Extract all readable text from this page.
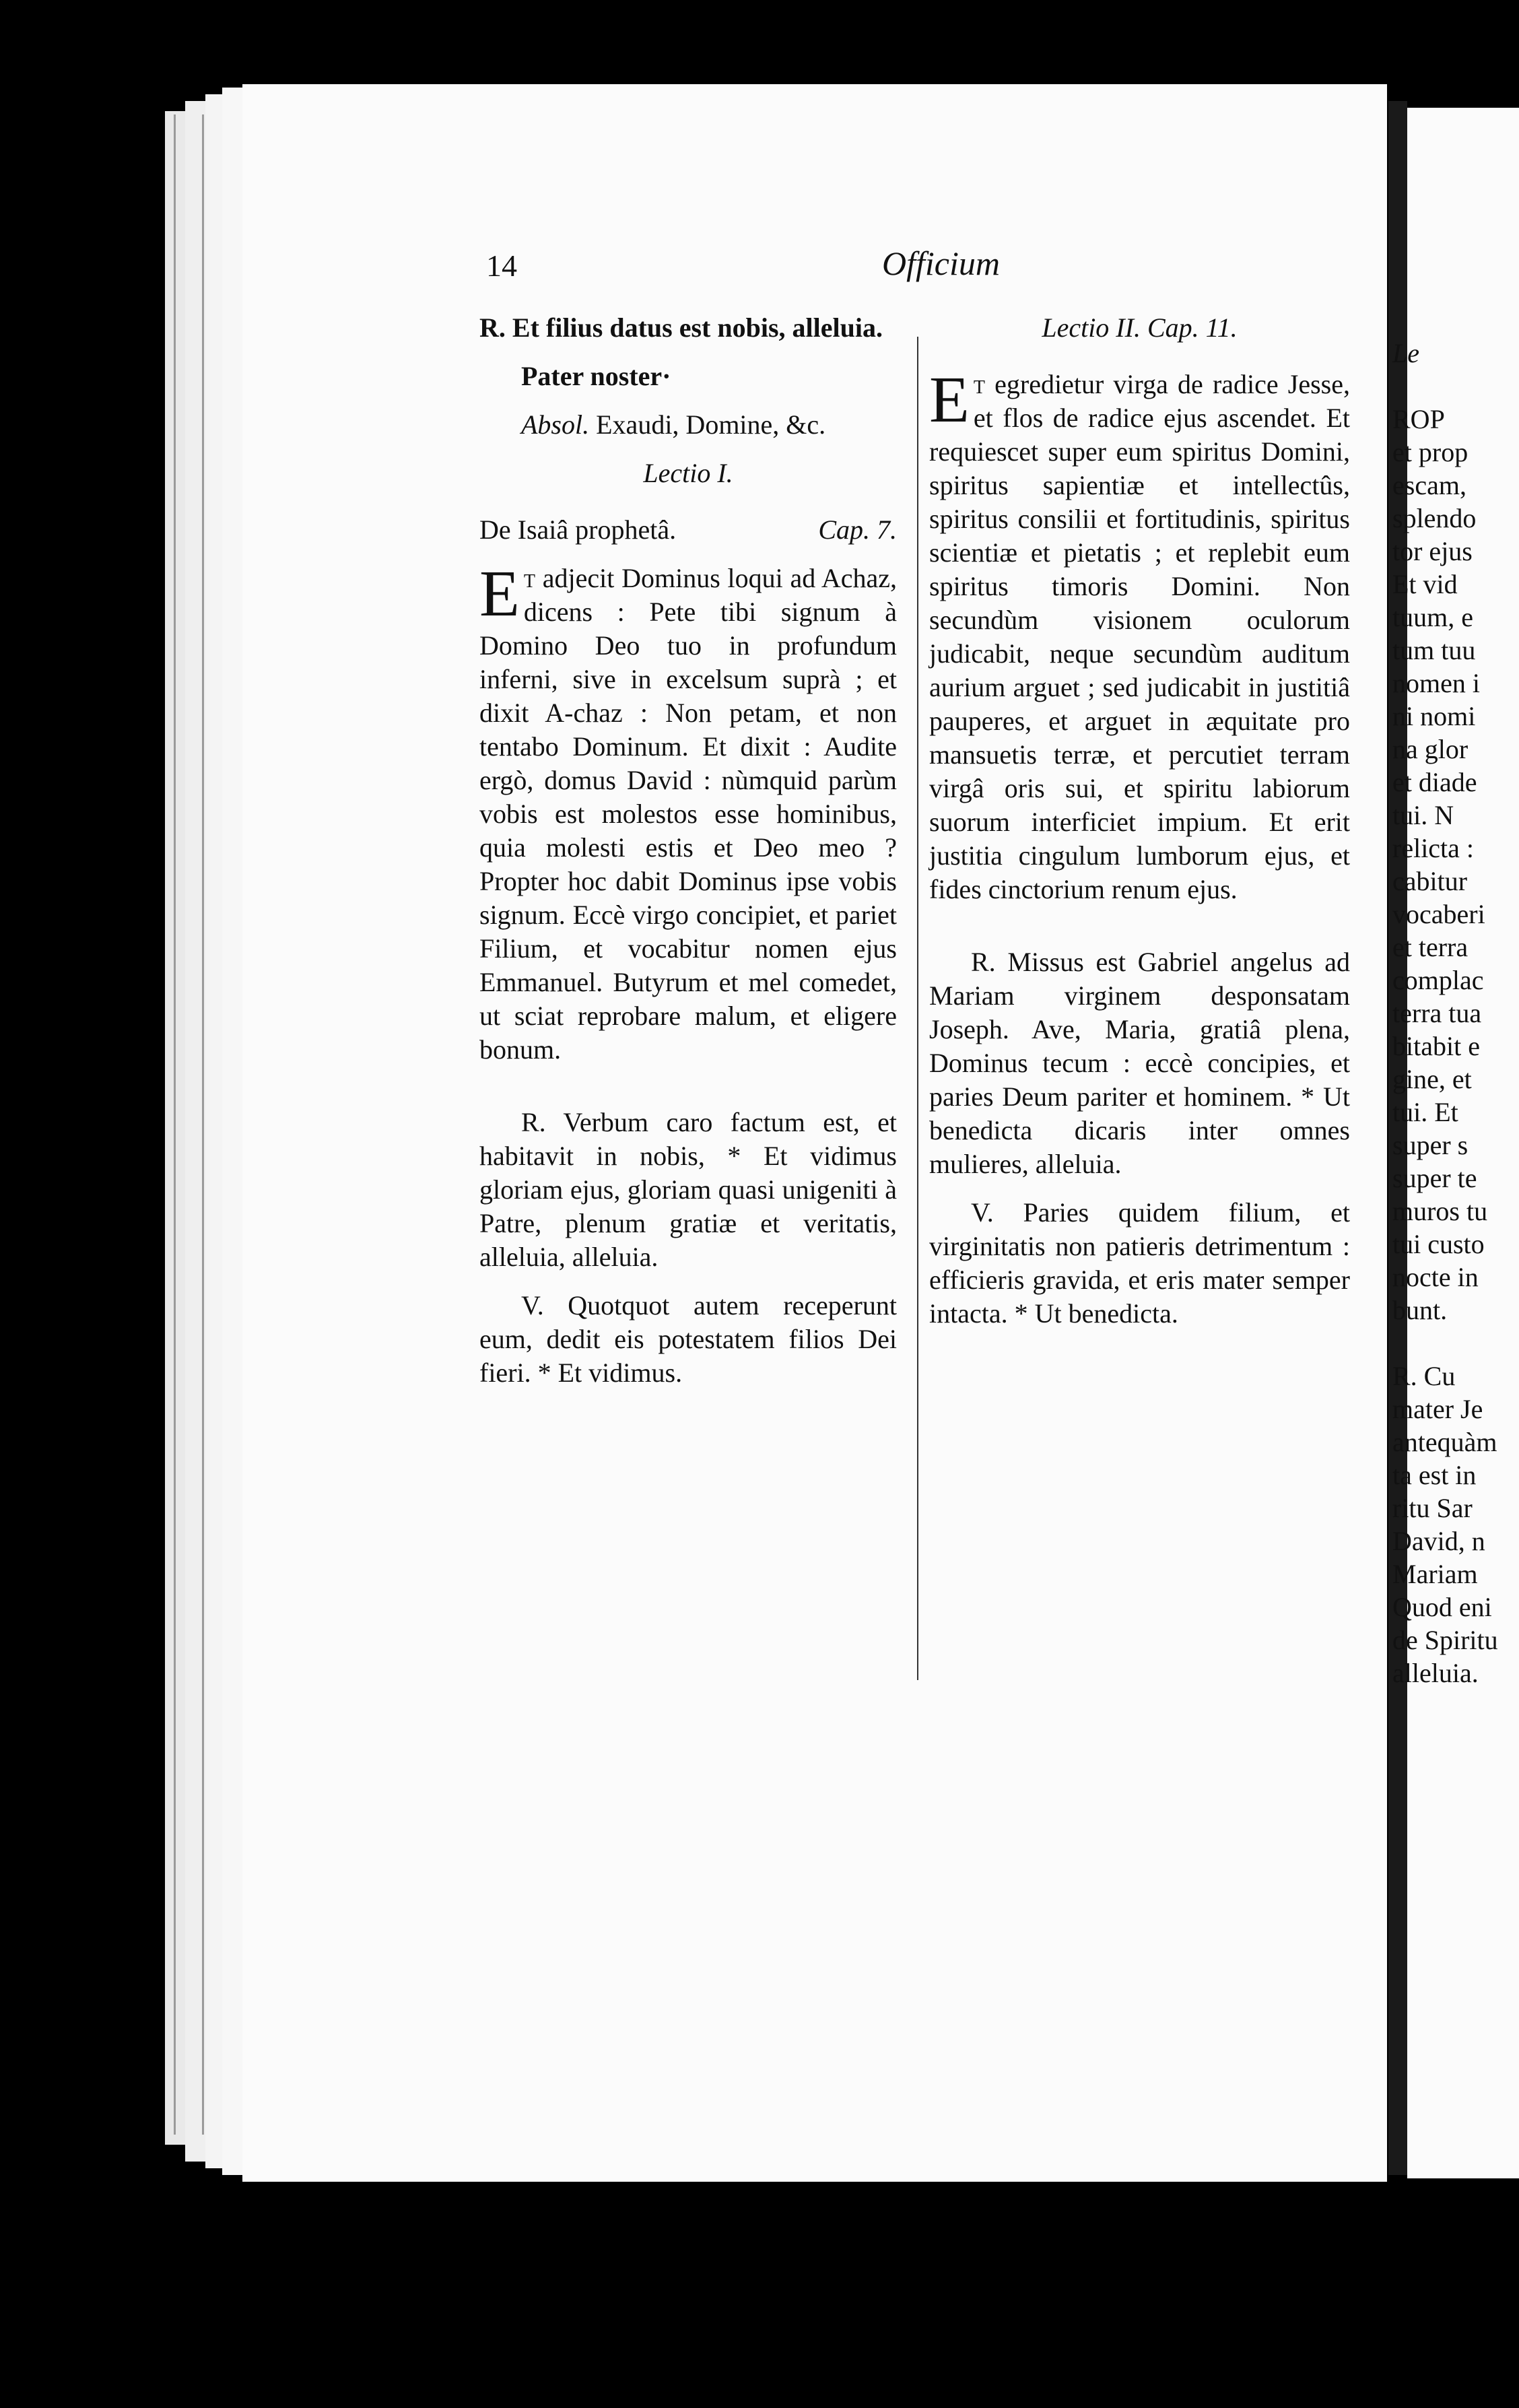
14	Officium

R. Et filius datus est nobis, alleluia.

Pater noster·

Absol. Exaudi, Domine, &c.

Lectio I.

De Isaiâ prophetâ.	Cap. 7.

Et adjecit Dominus loqui ad Achaz, dicens : Pete tibi signum à Domino Deo tuo in profundum inferni, sive in excelsum suprà ; et dixit A-chaz : Non petam, et non tentabo Dominum. Et dixit : Audite ergò, domus David : nùmquid parùm vobis est molestos esse hominibus, quia molesti estis et Deo meo ? Propter hoc dabit Dominus ipse vobis signum. Eccè virgo concipiet, et pariet Filium, et vocabitur nomen ejus Emmanuel. Butyrum et mel comedet, ut sciat reprobare malum, et eligere bonum.

R. Verbum caro factum est, et habitavit in nobis, * Et vidimus gloriam ejus, gloriam quasi unigeniti à Patre, plenum gratiæ et veritatis, alleluia, alleluia.

V. Quotquot autem receperunt eum, dedit eis potestatem filios Dei fieri. * Et vidimus.

Lectio II. Cap. 11.

Et egredietur virga de radice Jesse, et flos de radice ejus ascendet. Et requiescet super eum spiritus Domini, spiritus sapientiæ et intellectûs, spiritus consilii et fortitudinis, spiritus scientiæ et pietatis ; et replebit eum spiritus timoris Domini. Non secundùm visionem oculorum judicabit, neque secundùm auditum aurium arguet ; sed judicabit in justitiâ pauperes, et arguet in æquitate pro mansuetis terræ, et percutiet terram virgâ oris sui, et spiritu labiorum suorum interficiet impium. Et erit justitia cingulum lumborum ejus, et fides cinctorium renum ejus.

R. Missus est Gabriel angelus ad Mariam virginem desponsatam Joseph. Ave, Maria, gratiâ plena, Dominus tecum : eccè concipies, et paries Deum pariter et hominem. * Ut benedicta dicaris inter omnes mulieres, alleluia.

V. Paries quidem filium, et virginitatis non patieris detrimentum : efficieris gravida, et eris mater semper intacta. * Ut benedicta.

Le
ROP
et prop
escam,
splendo
tor ejus
Et vid
tuum, e
tum tuu
nomen i
ni nomi
na glor
et diade
tui. N
relicta :
cabitur
vocaberi
et terra
complac
terra tua
bitabit e
gine, et
tui. Et
super s
super te
muros tu
tui custo
nocte in
bunt.
R. Cu
mater Je
antequàm
ta est in
ritu Sar
David, n
Mariam
Quod eni
de Spiritu
alleluia.
